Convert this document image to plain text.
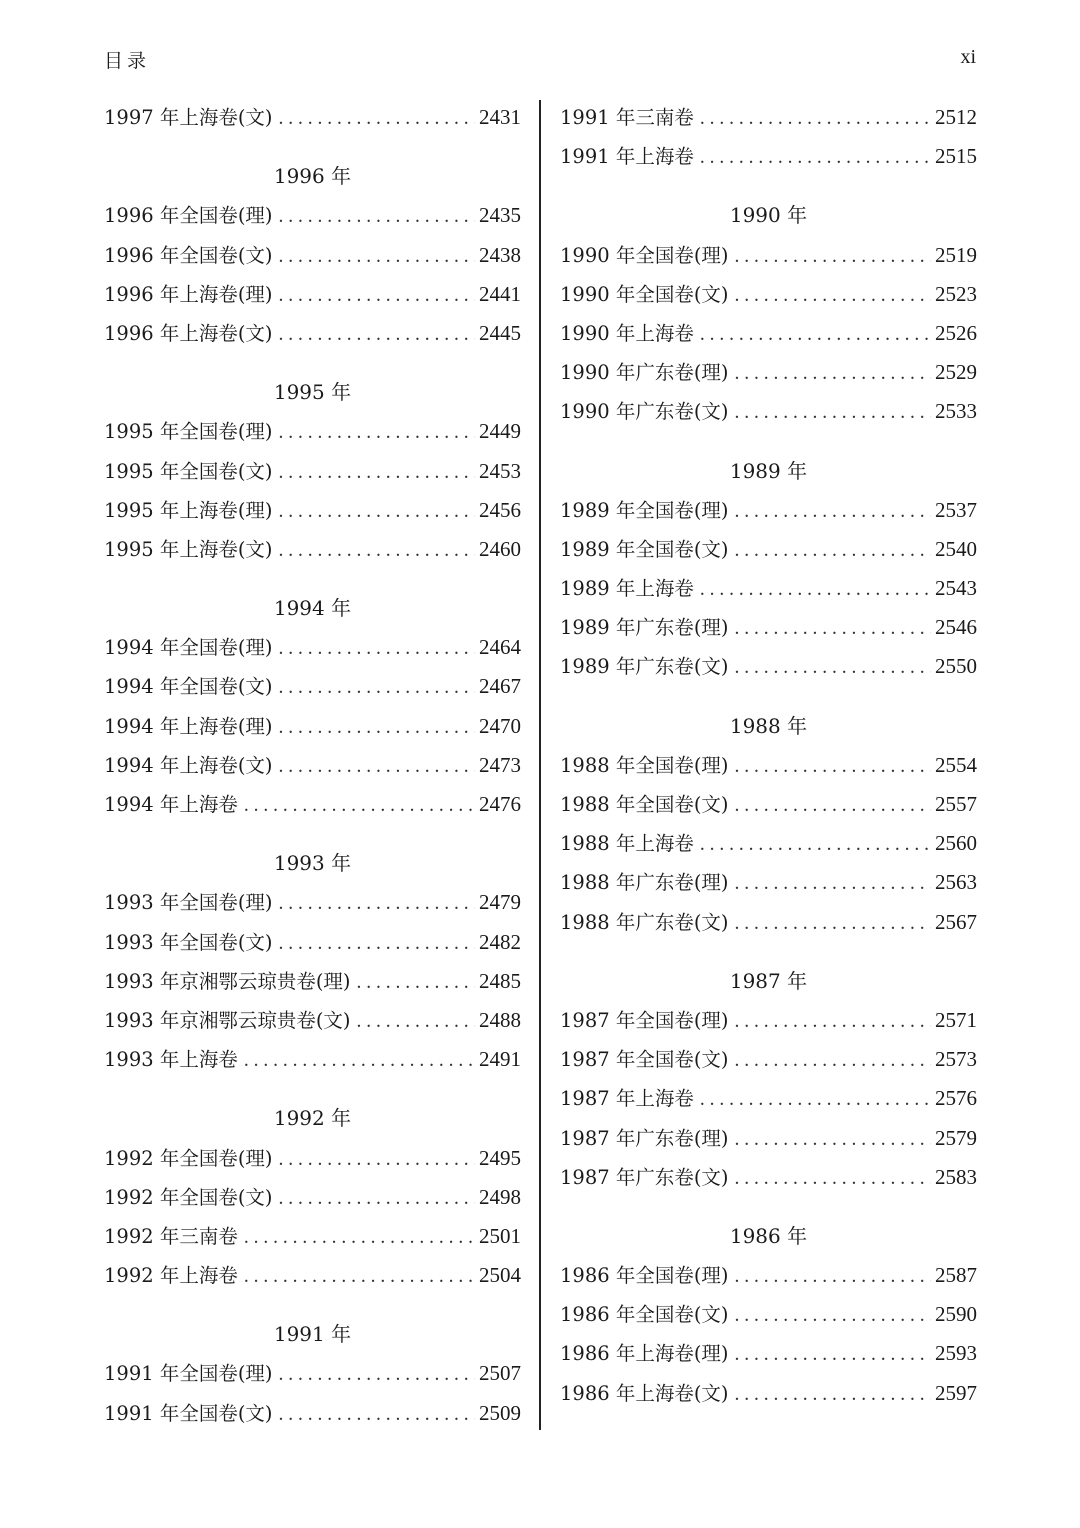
目录	xi
1997 年上海卷(文) . . .	2431
1996 年
1996 年全国卷(理) . . .	2435
1996 年全国卷(文) . . .	2438
1996 年上海卷(理) . . .	2441
1996 年上海卷(文) . . .	2445
1995 年
1995 年全国卷(理) . . .	2449
1995 年全国卷(文) . . .	2453
1995 年上海卷(理) . . .	2456
1995 年上海卷(文) . . .	2460
1994 年
1994 年全国卷(理) . . .	2464
1994 年全国卷(文) . . .	2467
1994 年上海卷(理) . . .	2470
1994 年上海卷(文) . . .	2473
1994 年上海卷 . . .	2476
1993 年
1993 年全国卷(理) . . .	2479
1993 年全国卷(文) . . .	2482
1993 年京湘鄂云琼贵卷(理) . . .	2485
1993 年京湘鄂云琼贵卷(文) . . .	2488
1993 年上海卷 . . .	2491
1992 年
1992 年全国卷(理) . . .	2495
1992 年全国卷(文) . . .	2498
1992 年三南卷 . . .	2501
1992 年上海卷 . . .	2504
1991 年
1991 年全国卷(理) . . .	2507
1991 年全国卷(文) . . .	2509
1991 年三南卷 . . .	2512
1991 年上海卷 . . .	2515
1990 年
1990 年全国卷(理) . . .	2519
1990 年全国卷(文) . . .	2523
1990 年上海卷 . . .	2526
1990 年广东卷(理) . . .	2529
1990 年广东卷(文) . . .	2533
1989 年
1989 年全国卷(理) . . .	2537
1989 年全国卷(文) . . .	2540
1989 年上海卷 . . .	2543
1989 年广东卷(理) . . .	2546
1989 年广东卷(文) . . .	2550
1988 年
1988 年全国卷(理) . . .	2554
1988 年全国卷(文) . . .	2557
1988 年上海卷 . . .	2560
1988 年广东卷(理) . . .	2563
1988 年广东卷(文) . . .	2567
1987 年
1987 年全国卷(理) . . .	2571
1987 年全国卷(文) . . .	2573
1987 年上海卷 . . .	2576
1987 年广东卷(理) . . .	2579
1987 年广东卷(文) . . .	2583
1986 年
1986 年全国卷(理) . . .	2587
1986 年全国卷(文) . . .	2590
1986 年上海卷(理) . . .	2593
1986 年上海卷(文) . . .	2597
